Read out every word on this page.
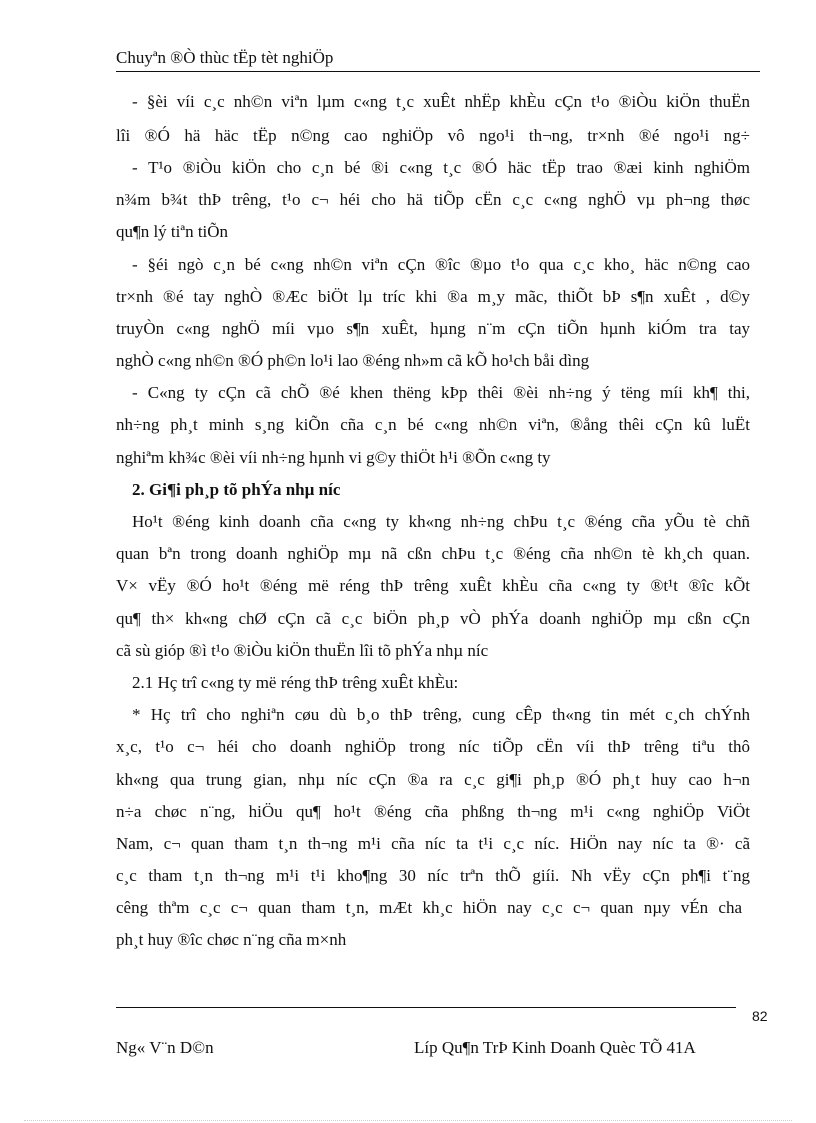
Chuyªn ®Ò thùc tËp tèt nghiÖp
- §èi víi c¸c nh©n viªn lµm c«ng t¸c xuÊt nhËp khÈu cÇn t¹o ®iÒu kiÖn thuËn
lîi ®Ó hä häc tËp n©ng cao nghiÖp vô ngo¹i th¬ng, tr×nh ®é ngo¹i ng÷
- T¹o ®iÒu kiÖn cho c¸n bé ®i c«ng t¸c ®Ó häc tËp trao ®æi kinh nghiÖm
n¾m b¾t thÞ trêng, t¹o c¬ héi cho hä tiÕp cËn c¸c c«ng nghÖ vµ ph¬ng thøc
qu¶n lý tiªn tiÕn
- §éi ngò c¸n bé c«ng nh©n viªn cÇn ®îc ®µo t¹o qua c¸c kho¸ häc n©ng cao
tr×nh ®é tay nghÒ ®Æc biÖt lµ tríc khi ®a m¸y mãc, thiÕt bÞ s¶n xuÊt , d©y
truyÒn c«ng nghÖ míi vµo s¶n xuÊt, hµng n¨m cÇn tiÕn hµnh kiÓm tra tay
nghÒ c«ng nh©n ®Ó ph©n lo¹i lao ®éng nh»m cã kÕ ho¹ch båi dìng
- C«ng ty cÇn cã chÕ ®é khen thëng kÞp thêi ®èi nh÷ng ý tëng míi kh¶ thi,
nh÷ng ph¸t minh s¸ng kiÕn cña c¸n bé c«ng nh©n viªn, ®ång thêi cÇn kû luËt
nghiªm kh¾c ®èi víi nh÷ng hµnh vi g©y thiÖt h¹i ®Õn c«ng ty
2. Gi¶i ph¸p tõ phÝa nhµ níc
Ho¹t ®éng kinh doanh cña c«ng ty kh«ng nh÷ng chÞu t¸c ®éng cña yÕu tè chñ
quan bªn trong doanh nghiÖp mµ nã cßn chÞu t¸c ®éng cña nh©n tè kh¸ch quan.
V× vËy ®Ó ho¹t ®éng më réng thÞ trêng xuÊt khÈu cña c«ng ty ®t¹t ®îc kÕt
qu¶ th× kh«ng chØ cÇn cã c¸c biÖn ph¸p vÒ phÝa doanh nghiÖp mµ cßn cÇn
cã sù gióp ®ì t¹o ®iÒu kiÖn thuËn lîi tõ phÝa nhµ níc
2.1 Hç trî c«ng ty më réng thÞ trêng xuÊt khÈu:
* Hç trî cho nghiªn cøu dù b¸o thÞ trêng, cung cÊp th«ng tin mét c¸ch chÝnh
x¸c, t¹o c¬ héi cho doanh nghiÖp trong níc tiÕp cËn víi thÞ trêng tiªu thô
kh«ng qua trung gian, nhµ níc cÇn ®a ra c¸c gi¶i ph¸p ®Ó ph¸t huy cao h¬n
n÷a chøc n¨ng, hiÖu qu¶ ho¹t ®éng cña phßng th¬ng m¹i c«ng nghiÖp ViÖt
Nam, c¬ quan tham t¸n th¬ng m¹i cña níc ta t¹i c¸c níc. HiÖn nay níc ta ®· cã
c¸c tham t¸n th¬ng m¹i t¹i kho¶ng 30 níc trªn thÕ giíi. Nh vËy cÇn ph¶i t¨ng
cêng thªm c¸c c¬ quan tham t¸n, mÆt kh¸c hiÖn nay c¸c c¬ quan nµy vÉn cha
ph¸t huy ®îc chøc n¨ng cña m×nh
82
Ng« V¨n D©n	Líp Qu¶n TrÞ Kinh Doanh Quèc TÕ 41A
